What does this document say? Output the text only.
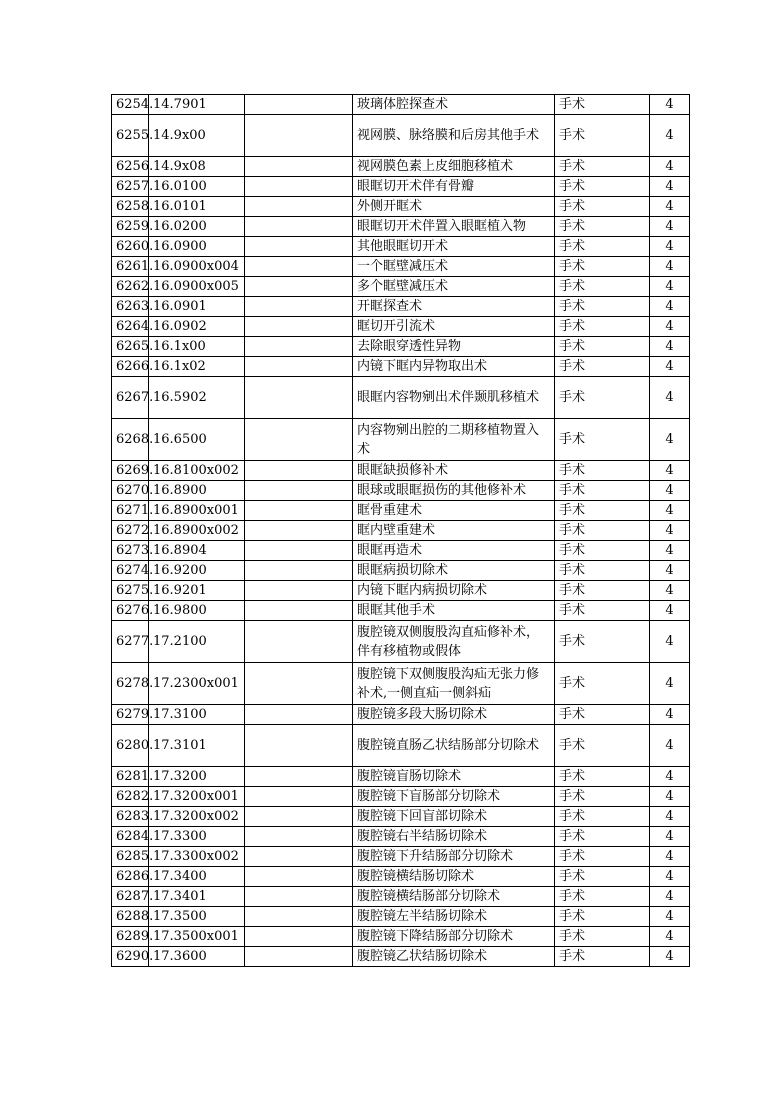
6254.	14.7901		玻璃体腔探查术	手术	4
6255.	14.9x00		视网膜、脉络膜和后房其他手术	手术	4
6256.	14.9x08		视网膜色素上皮细胞移植术	手术	4
6257.	16.0100		眼眶切开术伴有骨瓣	手术	4
6258.	16.0101		外侧开眶术	手术	4
6259.	16.0200		眼眶切开术伴置入眼眶植入物	手术	4
6260.	16.0900		其他眼眶切开术	手术	4
6261.	16.0900x004		一个眶壁减压术	手术	4
6262.	16.0900x005		多个眶壁减压术	手术	4
6263.	16.0901		开眶探查术	手术	4
6264.	16.0902		眶切开引流术	手术	4
6265.	16.1x00		去除眼穿透性异物	手术	4
6266.	16.1x02		内镜下眶内异物取出术	手术	4
6267.	16.5902		眼眶内容物剜出术伴颞肌移植术	手术	4
6268.	16.6500		内容物剜出腔的二期移植物置入术	手术	4
6269.	16.8100x002		眼眶缺损修补术	手术	4
6270.	16.8900		眼球或眼眶损伤的其他修补术	手术	4
6271.	16.8900x001		眶骨重建术	手术	4
6272.	16.8900x002		眶内壁重建术	手术	4
6273.	16.8904		眼眶再造术	手术	4
6274.	16.9200		眼眶病损切除术	手术	4
6275.	16.9201		内镜下眶内病损切除术	手术	4
6276.	16.9800		眼眶其他手术	手术	4
6277.	17.2100		腹腔镜双侧腹股沟直疝修补术，伴有移植物或假体	手术	4
6278.	17.2300x001		腹腔镜下双侧腹股沟疝无张力修补术,一侧直疝一侧斜疝	手术	4
6279.	17.3100		腹腔镜多段大肠切除术	手术	4
6280.	17.3101		腹腔镜直肠乙状结肠部分切除术	手术	4
6281.	17.3200		腹腔镜盲肠切除术	手术	4
6282.	17.3200x001		腹腔镜下盲肠部分切除术	手术	4
6283.	17.3200x002		腹腔镜下回盲部切除术	手术	4
6284.	17.3300		腹腔镜右半结肠切除术	手术	4
6285.	17.3300x002		腹腔镜下升结肠部分切除术	手术	4
6286.	17.3400		腹腔镜横结肠切除术	手术	4
6287.	17.3401		腹腔镜横结肠部分切除术	手术	4
6288.	17.3500		腹腔镜左半结肠切除术	手术	4
6289.	17.3500x001		腹腔镜下降结肠部分切除术	手术	4
6290.	17.3600		腹腔镜乙状结肠切除术	手术	4
